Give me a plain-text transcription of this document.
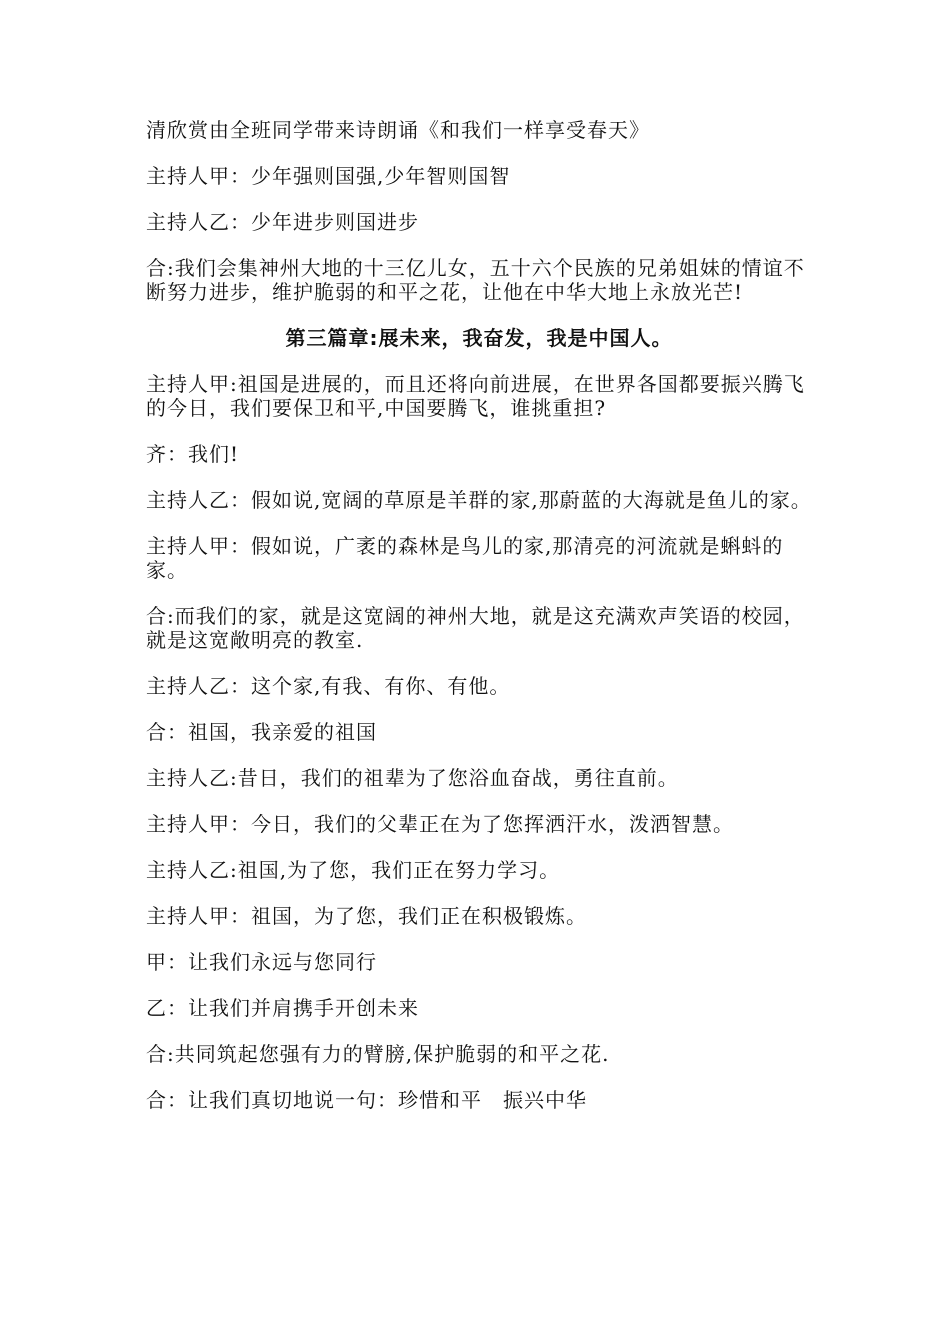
清欣赏由全班同学带来诗朗诵《和我们一样享受春天》

主持人甲：少年强则国强,少年智则国智

主持人乙：少年进步则国进步

合:我们会集神州大地的十三亿儿女，五十六个民族的兄弟姐妹的情谊不断努力进步，维护脆弱的和平之花，让他在中华大地上永放光芒!

第三篇章:展未来，我奋发，我是中国人。

主持人甲:祖国是进展的，而且还将向前进展，在世界各国都要振兴腾飞的今日，我们要保卫和平,中国要腾飞，谁挑重担?

齐：我们!

主持人乙：假如说,宽阔的草原是羊群的家,那蔚蓝的大海就是鱼儿的家。

主持人甲：假如说，广袤的森林是鸟儿的家,那清亮的河流就是蝌蚪的家。

合:而我们的家，就是这宽阔的神州大地，就是这充满欢声笑语的校园，就是这宽敞明亮的教室.

主持人乙：这个家,有我、有你、有他。

合：祖国，我亲爱的祖国

主持人乙:昔日，我们的祖辈为了您浴血奋战，勇往直前。

主持人甲：今日，我们的父辈正在为了您挥洒汗水，泼洒智慧。

主持人乙:祖国,为了您，我们正在努力学习。

主持人甲：祖国，为了您，我们正在积极锻炼。

甲：让我们永远与您同行

乙：让我们并肩携手开创未来

合:共同筑起您强有力的臂膀,保护脆弱的和平之花.

合：让我们真切地说一句：珍惜和平　振兴中华
